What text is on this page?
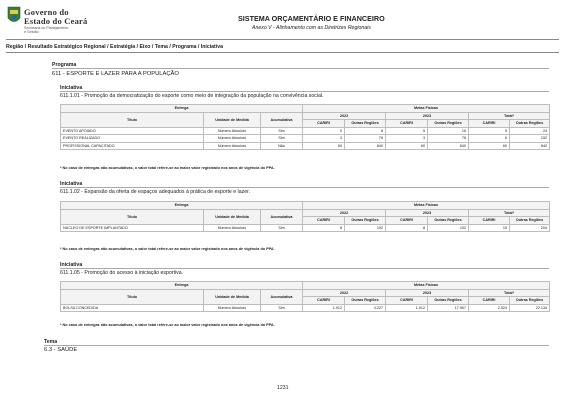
Governo do
Estado do Ceará
Secretaria do Planejamento
e Gestão
SISTEMA ORÇAMENTÁRIO E FINANCEIRO
Anexo V - Alinhamento com as Diretrizes Regionais
Região / Resultado Estratégico Regional / Estratégia / Eixo / Tema / Programa / Iniciativa
Programa
611 - ESPORTE E LAZER PARA A POPULAÇÃO
Iniciativa
611.1.01 - Promoção da democratização do esporte como meio de integração da população na convivência social.
Entrega			Metas Físicas					
Título	Unidade de Medida	Acumulativa	2022		2023		Total*	
			CARIRI	Outras Regiões	CARIRI	Outras Regiões	CARIRI	Outras Regiões

EVENTO APOIADO	Número Absoluto	Sim	0	8	5	16	5	24
EVENTO REALIZADO	Número Absoluto	Sim	3	76	3	76	6	152
PROFISSIONAL CAPACITADO	Número Absoluto	Não	60	840	60	840	60	840
* No caso de entregas não acumulativas, o valor total refere-se ao maior valor registrado nos anos de vigência do PPA.
Iniciativa
611.1.02 - Expansão da oferta de espaços adequados à prática de esporte e lazer.
Entrega			Metas Físicas					
Título	Unidade de Medida	Acumulativa	2022		2023		Total*	
			CARIRI	Outras Regiões	CARIRI	Outras Regiões	CARIRI	Outras Regiões

NÚCLEO DE ESPORTE IMPLANTADO	Número Absoluto	Sim	8	102	8	102	16	204
* No caso de entregas não acumulativas, o valor total refere-se ao maior valor registrado nos anos de vigência do PPA.
Iniciativa
611.1.05 - Promoção do acesso à iniciação esportiva.
Entrega			Metas Físicas					
Título	Unidade de Medida	Acumulativa	2022		2023		Total*	
			CARIRI	Outras Regiões	CARIRI	Outras Regiões	CARIRI	Outras Regiões

BOLSA CONCEDIDA	Número Absoluto	Sim	1.012	4.227	1.012	17.907	2.024	22.134
* No caso de entregas não acumulativas, o valor total refere-se ao maior valor registrado nos anos de vigência do PPA.
Tema
6.3 - SAÚDE
1231
